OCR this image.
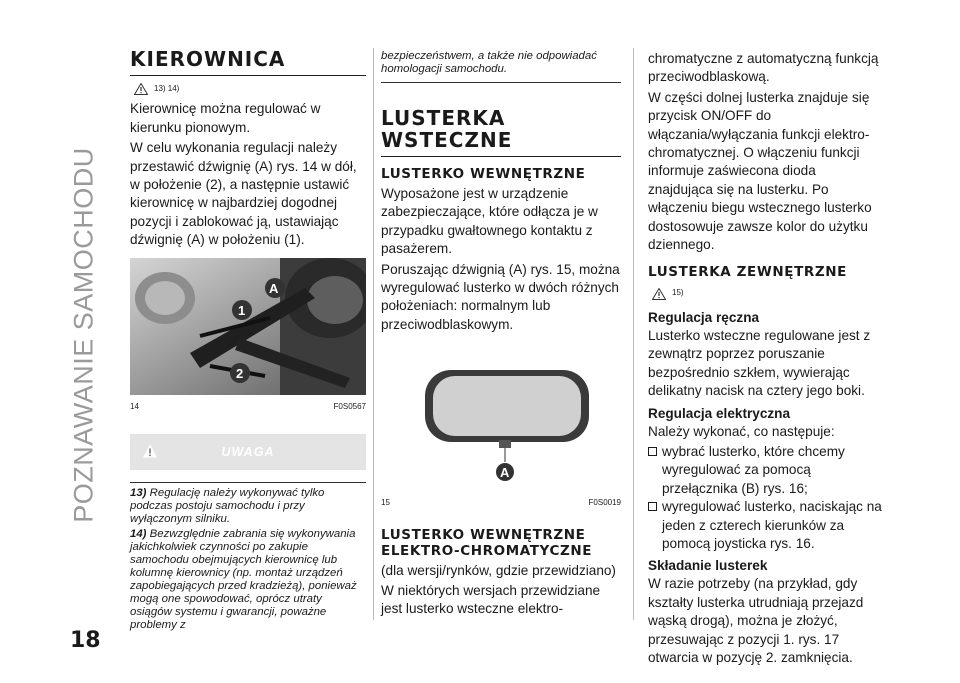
POZNAWANIE SAMOCHODU
18
KIEROWNICA
13) 14)

Kierownicę można regulować w kierunku pionowym.

W celu wykonania regulacji należy przestawić dźwignię (A) rys. 14 w dół, w położenie (2), a następnie ustawić kierownicę w najbardziej dogodnej pozycji i zablokować ją, ustawiając dźwignię (A) w położeniu (1).

A
1
2
14	F0S0567
UWAGA

13) Regulację należy wykonywać tylko podczas postoju samochodu i przy wyłączonym silniku.

14) Bezwzględnie zabrania się wykonywania jakichkolwiek czynności po zakupie samochodu obejmujących kierownicę lub kolumnę kierownicy (np. montaż urządzeń zapobiegających przed kradzieżą), ponieważ mogą one spowodować, oprócz utraty osiągów systemu i gwarancji, poważne problemy z

bezpieczeństwem, a także nie odpowiadać homologacji samochodu.
LUSTERKA WSTECZNE
LUSTERKO WEWNĘTRZNE

Wyposażone jest w urządzenie zabezpieczające, które odłącza je w przypadku gwałtownego kontaktu z pasażerem.

Poruszając dźwignią (A) rys. 15, można wyregulować lusterko w dwóch różnych położeniach: normalnym lub przeciwodblaskowym.

A
15	F0S0019
LUSTERKO WEWNĘTRZNE ELEKTRO-CHROMATYCZNE

(dla wersji/rynków, gdzie przewidziano)

W niektórych wersjach przewidziane jest lusterko wsteczne elektro-

chromatyczne z automatyczną funkcją przeciwodblaskową.

W części dolnej lusterka znajduje się przycisk ON/OFF do włączania/wyłączania funkcji elektro-chromatycznej. O włączeniu funkcji informuje zaświecona dioda znajdująca się na lusterku. Po włączeniu biegu wstecznego lusterko dostosowuje zawsze kolor do użytku dziennego.

LUSTERKA ZEWNĘTRZNE
15)
Regulacja ręczna

Lusterko wsteczne regulowane jest z zewnątrz poprzez poruszanie bezpośrednio szkłem, wywierając delikatny nacisk na cztery jego boki.

Regulacja elektryczna

Należy wykonać, co następuje:

wybrać lusterko, które chcemy wyregulować za pomocą przełącznika (B) rys. 16;
wyregulować lusterko, naciskając na jeden z czterech kierunków za pomocą joysticka rys. 16.
Składanie lusterek

W razie potrzeby (na przykład, gdy kształty lusterka utrudniają przejazd wąską drogą), można je złożyć, przesuwając z pozycji 1. rys. 17 otwarcia w pozycję 2. zamknięcia.
